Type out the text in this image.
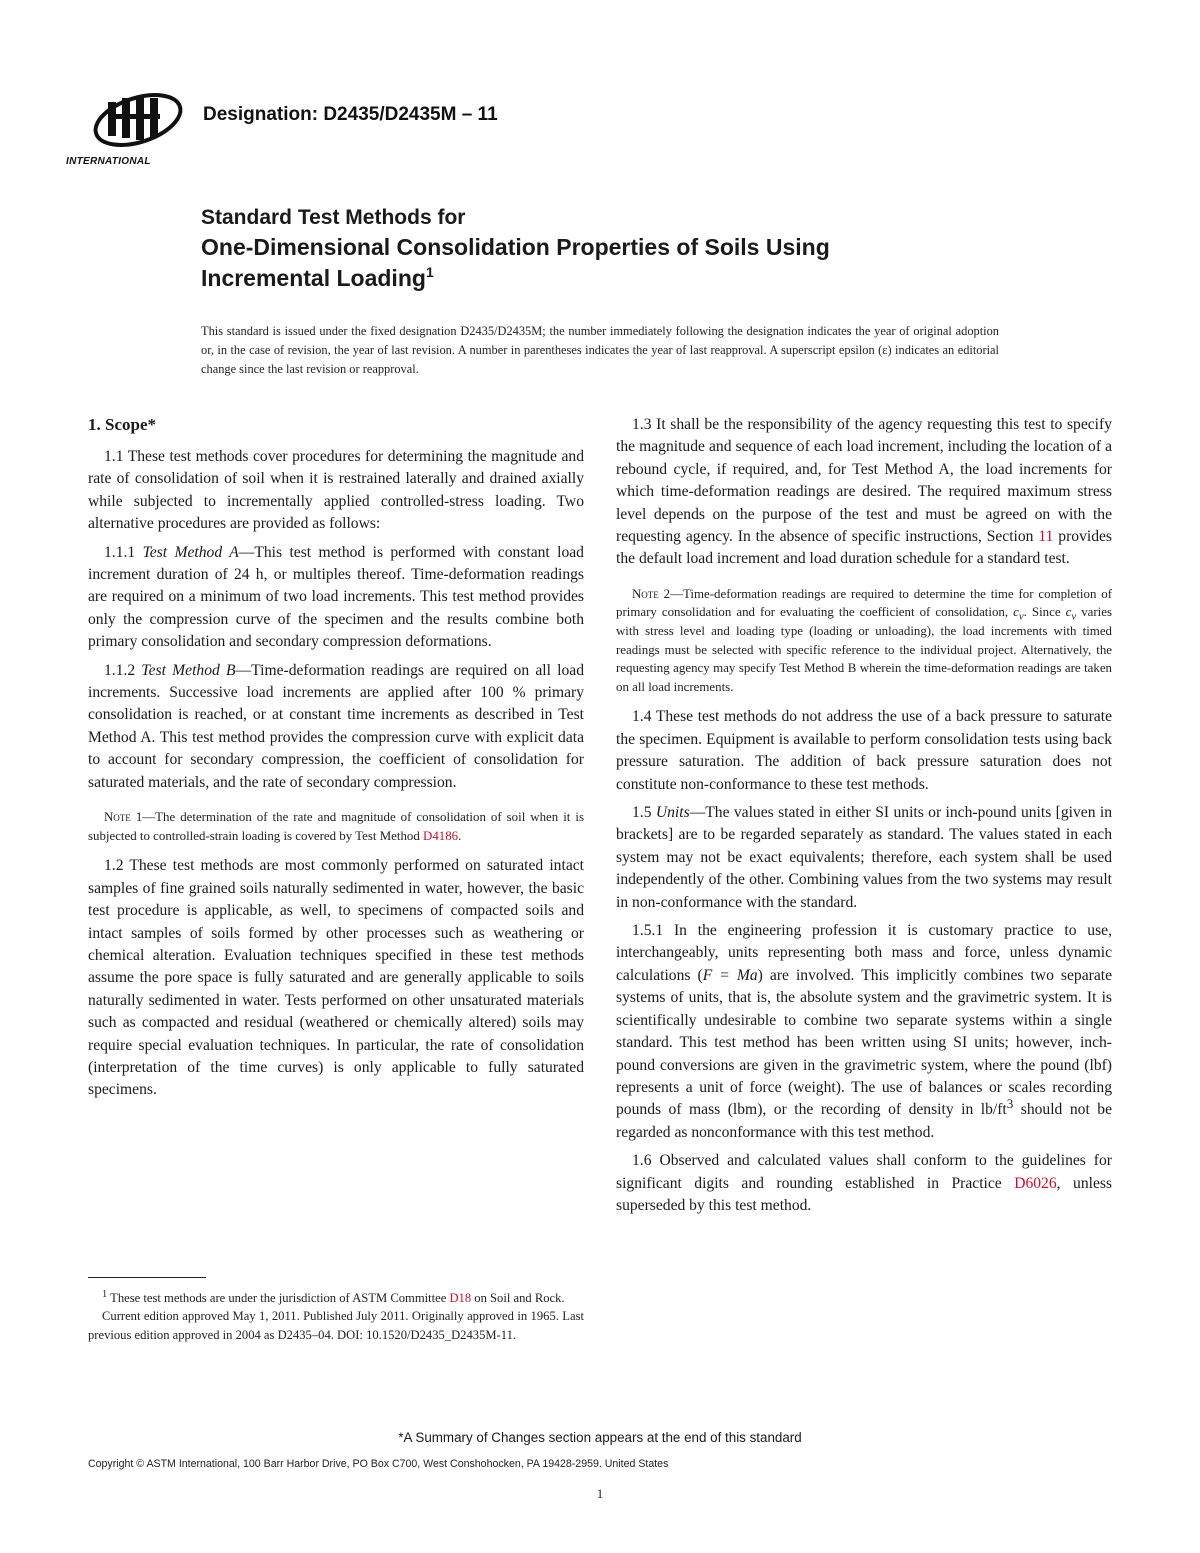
INTERNATIONAL
Designation: D2435/D2435M – 11
Standard Test Methods for
One-Dimensional Consolidation Properties of Soils Using
Incremental Loading$^1$
This standard is issued under the fixed designation D2435/D2435M; the number immediately following the designation indicates the year of original adoption or, in the case of revision, the year of last revision. A number in parentheses indicates the year of last reapproval. A superscript epsilon (ε) indicates an editorial change since the last revision or reapproval.
1. Scope*

1.1 These test methods cover procedures for determining the magnitude and rate of consolidation of soil when it is restrained laterally and drained axially while subjected to incrementally applied controlled-stress loading. Two alternative procedures are provided as follows:

1.1.1 Test Method A—This test method is performed with constant load increment duration of 24 h, or multiples thereof. Time-deformation readings are required on a minimum of two load increments. This test method provides only the compression curve of the specimen and the results combine both primary consolidation and secondary compression deformations.

1.1.2 Test Method B—Time-deformation readings are required on all load increments. Successive load increments are applied after 100 % primary consolidation is reached, or at constant time increments as described in Test Method A. This test method provides the compression curve with explicit data to account for secondary compression, the coefficient of consolidation for saturated materials, and the rate of secondary compression.

Note 1—The determination of the rate and magnitude of consolidation of soil when it is subjected to controlled-strain loading is covered by Test Method D4186.

1.2 These test methods are most commonly performed on saturated intact samples of fine grained soils naturally sedimented in water, however, the basic test procedure is applicable, as well, to specimens of compacted soils and intact samples of soils formed by other processes such as weathering or chemical alteration. Evaluation techniques specified in these test methods assume the pore space is fully saturated and are generally applicable to soils naturally sedimented in water. Tests performed on other unsaturated materials such as compacted and residual (weathered or chemically altered) soils may require special evaluation techniques. In particular, the rate of consolidation (interpretation of the time curves) is only applicable to fully saturated specimens.

$^1$ These test methods are under the jurisdiction of ASTM Committee D18 on Soil and Rock.

Current edition approved May 1, 2011. Published July 2011. Originally approved in 1965. Last previous edition approved in 2004 as D2435–04. DOI: 10.1520/D2435_D2435M-11.

1.3 It shall be the responsibility of the agency requesting this test to specify the magnitude and sequence of each load increment, including the location of a rebound cycle, if required, and, for Test Method A, the load increments for which time-deformation readings are desired. The required maximum stress level depends on the purpose of the test and must be agreed on with the requesting agency. In the absence of specific instructions, Section 11 provides the default load increment and load duration schedule for a standard test.

Note 2—Time-deformation readings are required to determine the time for completion of primary consolidation and for evaluating the coefficient of consolidation, $c_v$. Since $c_v$ varies with stress level and loading type (loading or unloading), the load increments with timed readings must be selected with specific reference to the individual project. Alternatively, the requesting agency may specify Test Method B wherein the time-deformation readings are taken on all load increments.

1.4 These test methods do not address the use of a back pressure to saturate the specimen. Equipment is available to perform consolidation tests using back pressure saturation. The addition of back pressure saturation does not constitute non-conformance to these test methods.

1.5 Units—The values stated in either SI units or inch-pound units [given in brackets] are to be regarded separately as standard. The values stated in each system may not be exact equivalents; therefore, each system shall be used independently of the other. Combining values from the two systems may result in non-conformance with the standard.

1.5.1 In the engineering profession it is customary practice to use, interchangeably, units representing both mass and force, unless dynamic calculations (F = Ma) are involved. This implicitly combines two separate systems of units, that is, the absolute system and the gravimetric system. It is scientifically undesirable to combine two separate systems within a single standard. This test method has been written using SI units; however, inch-pound conversions are given in the gravimetric system, where the pound (lbf) represents a unit of force (weight). The use of balances or scales recording pounds of mass (lbm), or the recording of density in $lb/ft^3$ should not be regarded as nonconformance with this test method.

1.6 Observed and calculated values shall conform to the guidelines for significant digits and rounding established in Practice D6026, unless superseded by this test method.

*A Summary of Changes section appears at the end of this standard
Copyright © ASTM International, 100 Barr Harbor Drive, PO Box C700, West Conshohocken, PA 19428-2959. United States
1
